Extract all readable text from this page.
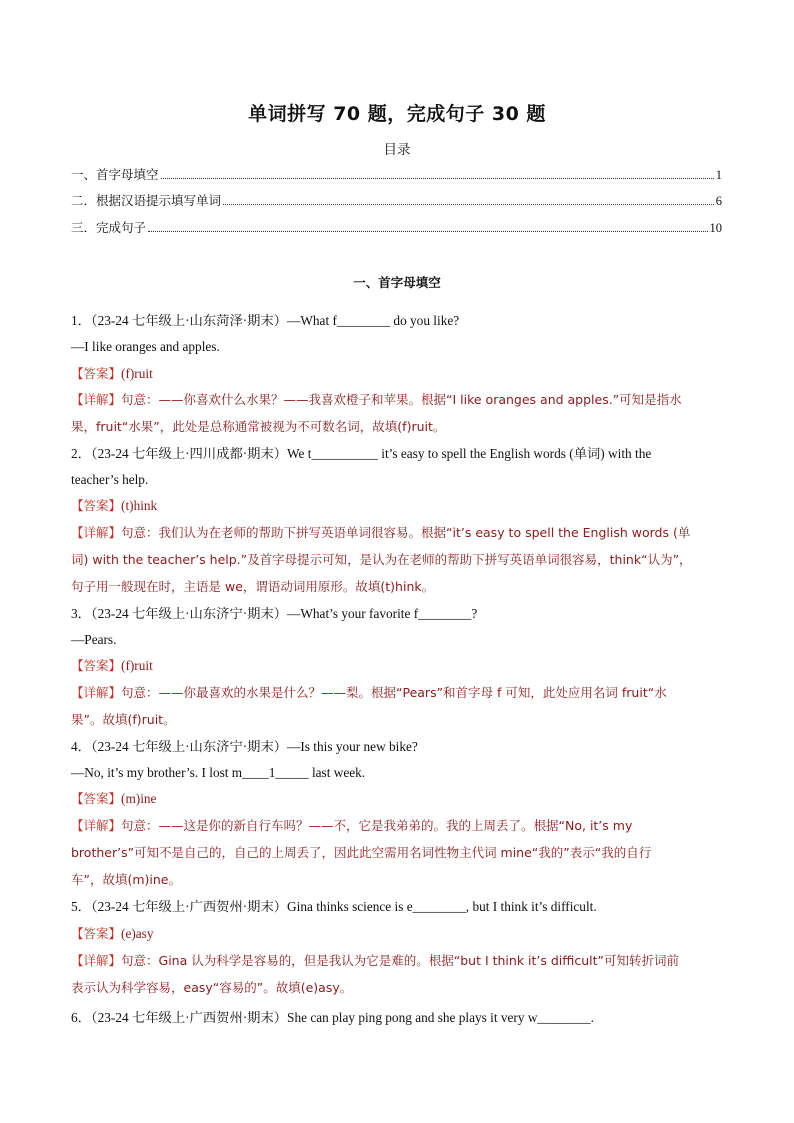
单词拼写 70 题，完成句子 30 题
目录
一、首字母填空	1
二．根据汉语提示填写单词	6
三．完成句子	10
一、首字母填空
1．（23-24 七年级上·山东菏泽·期末）—What f________ do you like?
—I like oranges and apples.
【答案】(f)ruit
【详解】句意：——你喜欢什么水果？——我喜欢橙子和苹果。根据“I like oranges and apples.”可知是指水
果，fruit“水果”，此处是总称通常被视为不可数名词，故填(f)ruit。
2．（23-24 七年级上·四川成都·期末）We t__________ it’s easy to spell the English words (单词) with the
teacher’s help.
【答案】(t)hink
【详解】句意：我们认为在老师的帮助下拼写英语单词很容易。根据“it’s easy to spell the English words (单
词) with the teacher’s help.”及首字母提示可知，是认为在老师的帮助下拼写英语单词很容易，think“认为”，
句子用一般现在时，主语是 we，谓语动词用原形。故填(t)hink。
3．（23-24 七年级上·山东济宁·期末）—What’s your favorite f________?
—Pears.
【答案】(f)ruit
【详解】句意：——你最喜欢的水果是什么？——梨。根据“Pears”和首字母 f 可知，此处应用名词 fruit“水
果”。故填(f)ruit。
4．（23-24 七年级上·山东济宁·期末）—Is this your new bike?
—No, it’s my brother’s. I lost m____1_____ last week.
【答案】(m)ine
【详解】句意：——这是你的新自行车吗？——不，它是我弟弟的。我的上周丢了。根据“No, it’s my
brother’s”可知不是自己的，自己的上周丢了，因此此空需用名词性物主代词 mine“我的”表示“我的自行
车”，故填(m)ine。
5．（23-24 七年级上·广西贺州·期末）Gina thinks science is e________, but I think it’s difficult.
【答案】(e)asy
【详解】句意：Gina 认为科学是容易的，但是我认为它是难的。根据“but I think it’s difficult”可知转折词前
表示认为科学容易，easy“容易的”。故填(e)asy。
6．（23-24 七年级上·广西贺州·期末）She can play ping pong and she plays it very w________.
